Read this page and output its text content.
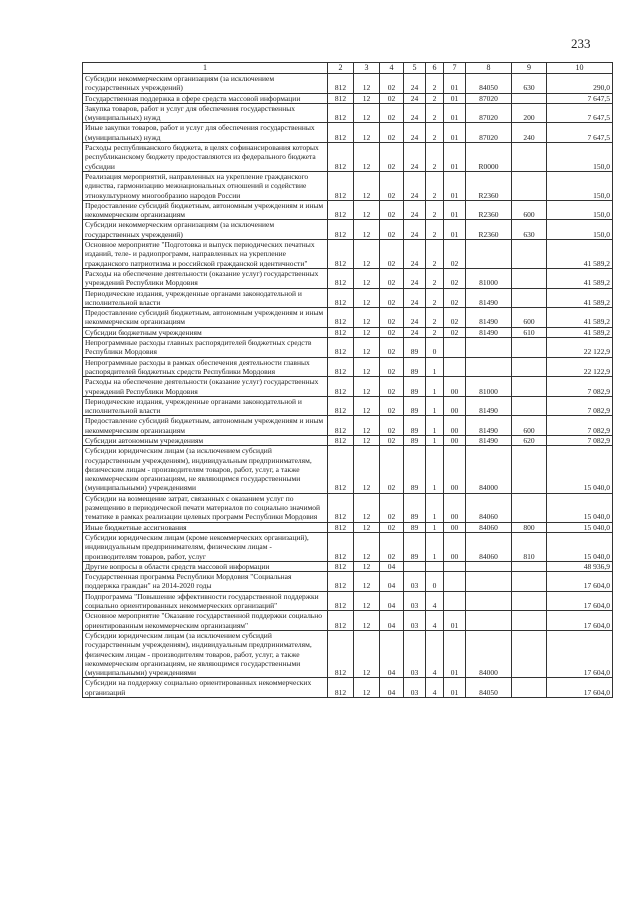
233
1	2	3	4	5	6	7	8	9	10
Субсидии некоммерческим организациям (за исключением государственных учреждений)	812	12	02	24	2	01	84050	630	290,0
Государственная поддержка в сфере средств массовой информации	812	12	02	24	2	01	87020		7 647,5
Закупка товаров, работ и услуг для обеспечения государственных (муниципальных) нужд	812	12	02	24	2	01	87020	200	7 647,5
Иные закупки товаров, работ и услуг для обеспечения государственных (муниципальных) нужд	812	12	02	24	2	01	87020	240	7 647,5
Расходы республиканского бюджета, в целях софинансирования которых республиканскому бюджету предоставляются из федерального бюджета субсидии	812	12	02	24	2	01	R0000		150,0
Реализация мероприятий, направленных на укрепление гражданского единства, гармонизацию межнациональных отношений и содействие этнокультурному многообразию народов России	812	12	02	24	2	01	R2360		150,0
Предоставление субсидий бюджетным, автономным учреждениям и иным некоммерческим организациям	812	12	02	24	2	01	R2360	600	150,0
Субсидии некоммерческим организациям (за исключением государственных учреждений)	812	12	02	24	2	01	R2360	630	150,0
Основное мероприятие "Подготовка и выпуск периодических печатных изданий, теле- и радиопрограмм, направленных на укрепление гражданского патриотизма и российской гражданской идентичности"	812	12	02	24	2	02			41 589,2
Расходы на обеспечение деятельности (оказание услуг) государственных учреждений Республики Мордовия	812	12	02	24	2	02	81000		41 589,2
Периодические издания, учрежденные органами законодательной и исполнительной власти	812	12	02	24	2	02	81490		41 589,2
Предоставление субсидий бюджетным, автономным учреждениям и иным некоммерческим организациям	812	12	02	24	2	02	81490	600	41 589,2
Субсидии бюджетным учреждениям	812	12	02	24	2	02	81490	610	41 589,2
Непрограммные расходы главных распорядителей бюджетных средств Республики Мордовия	812	12	02	89	0				22 122,9
Непрограммные расходы в рамках обеспечения деятельности главных распорядителей бюджетных средств Республики Мордовия	812	12	02	89	1				22 122,9
Расходы на обеспечение деятельности (оказание услуг) государственных учреждений Республики Мордовия	812	12	02	89	1	00	81000		7 082,9
Периодические издания, учрежденные органами законодательной и исполнительной власти	812	12	02	89	1	00	81490		7 082,9
Предоставление субсидий бюджетным, автономным учреждениям и иным некоммерческим организациям	812	12	02	89	1	00	81490	600	7 082,9
Субсидии автономным учреждениям	812	12	02	89	1	00	81490	620	7 082,9
Субсидии юридическим лицам (за исключением субсидий государственным учреждениям), индивидуальным предпринимателям, физическим лицам - производителям товаров, работ, услуг, а также некоммерческим организациям, не являющимся государственными (муниципальными) учреждениями	812	12	02	89	1	00	84000		15 040,0
Субсидии на возмещение затрат, связанных с оказанием услуг по размещению в периодической печати материалов по социально значимой тематике в рамках реализации целевых программ Республики Мордовия	812	12	02	89	1	00	84060		15 040,0
Иные бюджетные ассигнования	812	12	02	89	1	00	84060	800	15 040,0
Субсидии юридическим лицам (кроме некоммерческих организаций), индивидуальным предпринимателям, физическим лицам - производителям товаров, работ, услуг	812	12	02	89	1	00	84060	810	15 040,0
Другие вопросы в области средств массовой информации	812	12	04						48 936,9
Государственная программа Республики Мордовия "Социальная поддержка граждан" на 2014-2020 годы	812	12	04	03	0				17 604,0
Подпрограмма "Повышение эффективности государственной поддержки социально ориентированных некоммерческих организаций"	812	12	04	03	4				17 604,0
Основное мероприятие "Оказание государственной поддержки социально ориентированным некоммерческим организациям"	812	12	04	03	4	01			17 604,0
Субсидии юридическим лицам (за исключением субсидий государственным учреждениям), индивидуальным предпринимателям, физическим лицам - производителям товаров, работ, услуг, а также некоммерческим организациям, не являющимся государственными (муниципальными) учреждениями	812	12	04	03	4	01	84000		17 604,0
Субсидии на поддержку социально ориентированных некоммерческих организаций	812	12	04	03	4	01	84050		17 604,0
